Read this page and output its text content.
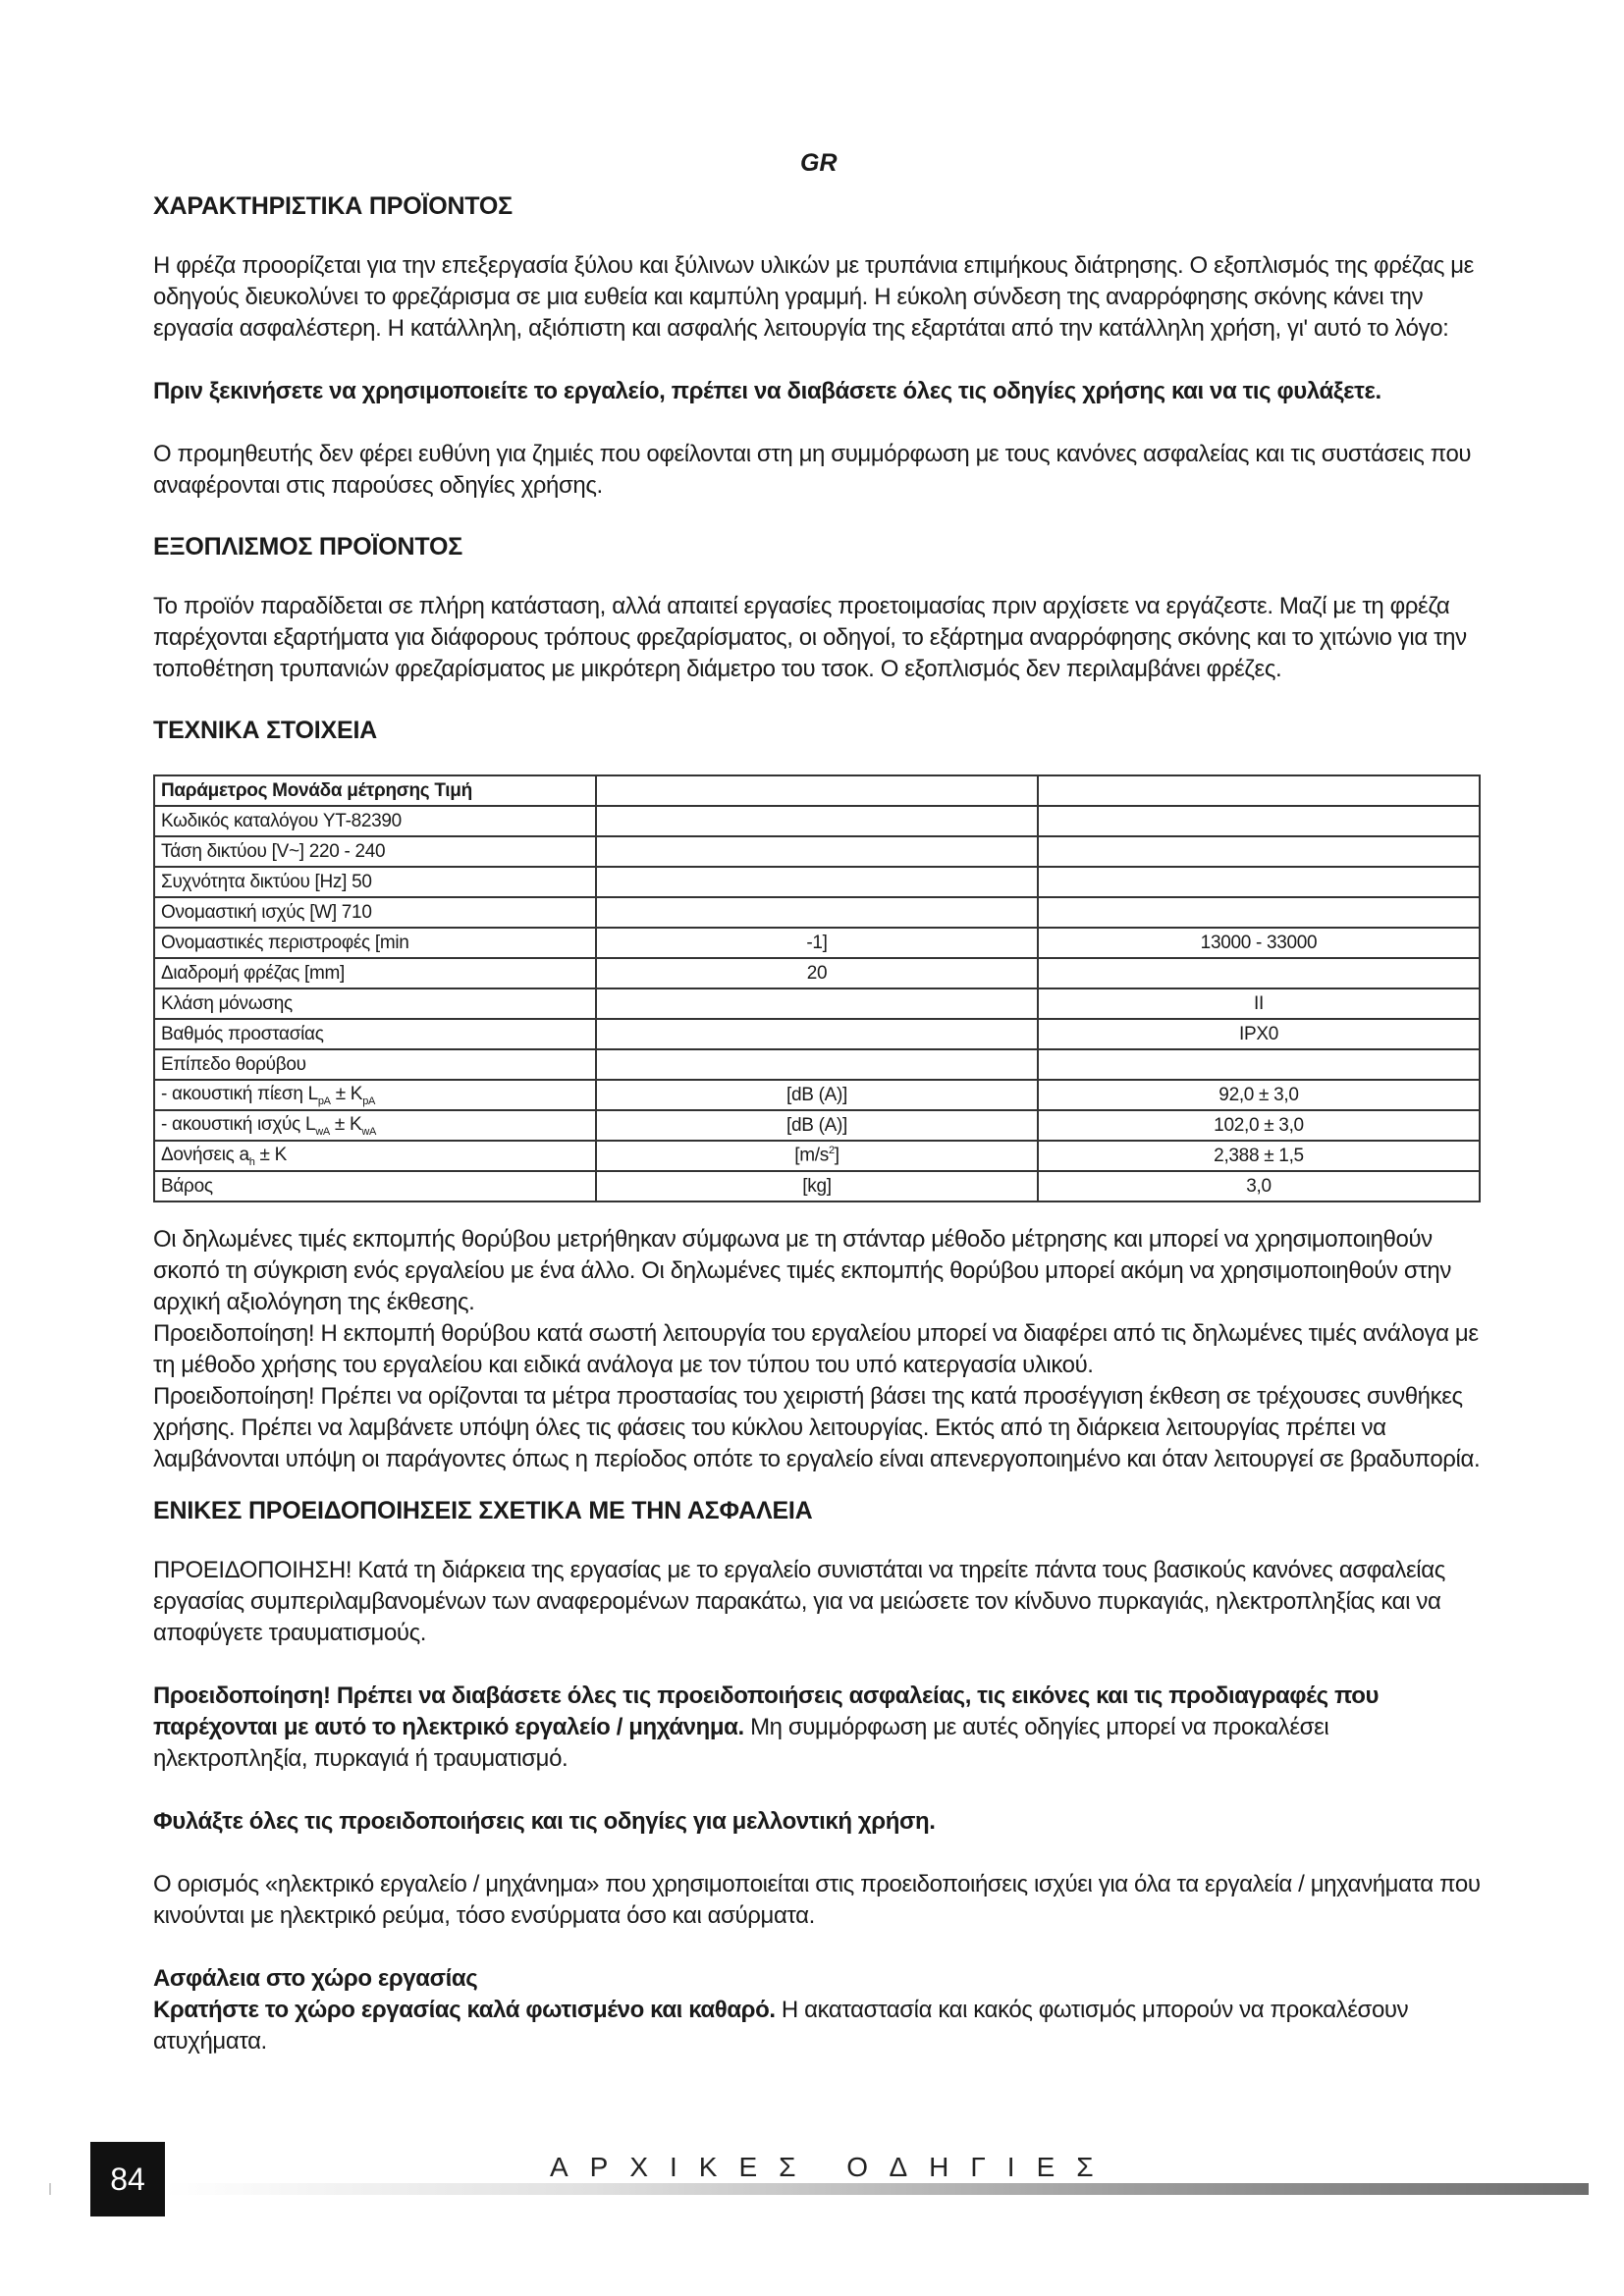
GR
ΧΑΡΑΚΤΗΡΙΣΤΙΚΑ ΠΡΟΪΟΝΤΟΣ

Η φρέζα προορίζεται για την επεξεργασία ξύλου και ξύλινων υλικών με τρυπάνια επιμήκους διάτρησης. Ο εξοπλισμός της φρέζας με οδηγούς διευκολύνει το φρεζάρισμα σε μια ευθεία και καμπύλη γραμμή. Η εύκολη σύνδεση της αναρρόφησης σκόνης κάνει την εργασία ασφαλέστερη. Η κατάλληλη, αξιόπιστη και ασφαλής λειτουργία της εξαρτάται από την κατάλληλη χρήση, γι' αυτό το λόγο:

Πριν ξεκινήσετε να χρησιμοποιείτε το εργαλείο, πρέπει να διαβάσετε όλες τις οδηγίες χρήσης και να τις φυλάξετε.

Ο προμηθευτής δεν φέρει ευθύνη για ζημιές που οφείλονται στη μη συμμόρφωση με τους κανόνες ασφαλείας και τις συστάσεις που αναφέρονται στις παρούσες οδηγίες χρήσης.

ΕΞΟΠΛΙΣΜΟΣ ΠΡΟΪΟΝΤΟΣ

Το προϊόν παραδίδεται σε πλήρη κατάσταση, αλλά απαιτεί εργασίες προετοιμασίας πριν αρχίσετε να εργάζεστε. Μαζί με τη φρέζα παρέχονται εξαρτήματα για διάφορους τρόπους φρεζαρίσματος, οι οδηγοί, το εξάρτημα αναρρόφησης σκόνης και το χιτώνιο για την τοποθέτηση τρυπανιών φρεζαρίσματος με μικρότερη διάμετρο του τσοκ. Ο εξοπλισμός δεν περιλαμβάνει φρέζες.

ΤΕΧΝΙΚΑ ΣΤΟΙΧΕΙΑ
Παράμετρος Μονάδα μέτρησης Τιμή		
Κωδικός καταλόγου YT-82390		
Τάση δικτύου [V~] 220 - 240		
Συχνότητα δικτύου [Hz] 50		
Ονομαστική ισχύς [W] 710		
Ονομαστικές περιστροφές [min	-1]	13000 - 33000
Διαδρομή φρέζας [mm]	20	
Κλάση μόνωσης		II
Βαθμός προστασίας		IPX0
Επίπεδο θορύβου		
- ακουστική πίεση $L_{pA} \pm K_{pA}$	[dB (A)]	92,0 ± 3,0
- ακουστική ισχύς $L_{wA} \pm K_{wA}$	[dB (A)]	102,0 ± 3,0
Δονήσεις $a_h \pm K$	$[m/s^2]$	2,388 ± 1,5
Βάρος	[kg]	3,0

Οι δηλωμένες τιμές εκπομπής θορύβου μετρήθηκαν σύμφωνα με τη στάνταρ μέθοδο μέτρησης και μπορεί να χρησιμοποιηθούν σκοπό τη σύγκριση ενός εργαλείου με ένα άλλο. Οι δηλωμένες τιμές εκπομπής θορύβου μπορεί ακόμη να χρησιμοποιηθούν στην αρχική αξιολόγηση της έκθεσης.

Προειδοποίηση! Η εκπομπή θορύβου κατά σωστή λειτουργία του εργαλείου μπορεί να διαφέρει από τις δηλωμένες τιμές ανάλογα με τη μέθοδο χρήσης του εργαλείου και ειδικά ανάλογα με τον τύπου του υπό κατεργασία υλικού.

Προειδοποίηση! Πρέπει να ορίζονται τα μέτρα προστασίας του χειριστή βάσει της κατά προσέγγιση έκθεση σε τρέχουσες συνθήκες χρήσης. Πρέπει να λαμβάνετε υπόψη όλες τις φάσεις του κύκλου λειτουργίας. Εκτός από τη διάρκεια λειτουργίας πρέπει να λαμβάνονται υπόψη οι παράγοντες όπως η περίοδος οπότε το εργαλείο είναι απενεργοποιημένο και όταν λειτουργεί σε βραδυπορία.

ΕΝΙΚΕΣ ΠΡΟΕΙΔΟΠΟΙΗΣΕΙΣ ΣΧΕΤΙΚΑ ΜΕ ΤΗΝ ΑΣΦΑΛΕΙΑ

ΠΡΟΕΙΔΟΠΟΙΗΣΗ! Κατά τη διάρκεια της εργασίας με το εργαλείο συνιστάται να τηρείτε πάντα τους βασικούς κανόνες ασφαλείας εργασίας συμπεριλαμβανομένων των αναφερομένων παρακάτω, για να μειώσετε τον κίνδυνο πυρκαγιάς, ηλεκτροπληξίας και να αποφύγετε τραυματισμούς.

Προειδοποίηση! Πρέπει να διαβάσετε όλες τις προειδοποιήσεις ασφαλείας, τις εικόνες και τις προδιαγραφές που παρέχονται με αυτό το ηλεκτρικό εργαλείο / μηχάνημα. Μη συμμόρφωση με αυτές οδηγίες μπορεί να προκαλέσει ηλεκτροπληξία, πυρκαγιά ή τραυματισμό.

Φυλάξτε όλες τις προειδοποιήσεις και τις οδηγίες για μελλοντική χρήση.

Ο ορισμός «ηλεκτρικό εργαλείο / μηχάνημα» που χρησιμοποιείται στις προειδοποιήσεις ισχύει για όλα τα εργαλεία / μηχανήματα που κινούνται με ηλεκτρικό ρεύμα, τόσο ενσύρματα όσο και ασύρματα.

Ασφάλεια στο χώρο εργασίας

Κρατήστε το χώρο εργασίας καλά φωτισμένο και καθαρό. Η ακαταστασία και κακός φωτισμός μπορούν να προκαλέσουν ατυχήματα.

84	ΑΡΧΙΚΕΣ ΟΔΗΓΙΕΣ
